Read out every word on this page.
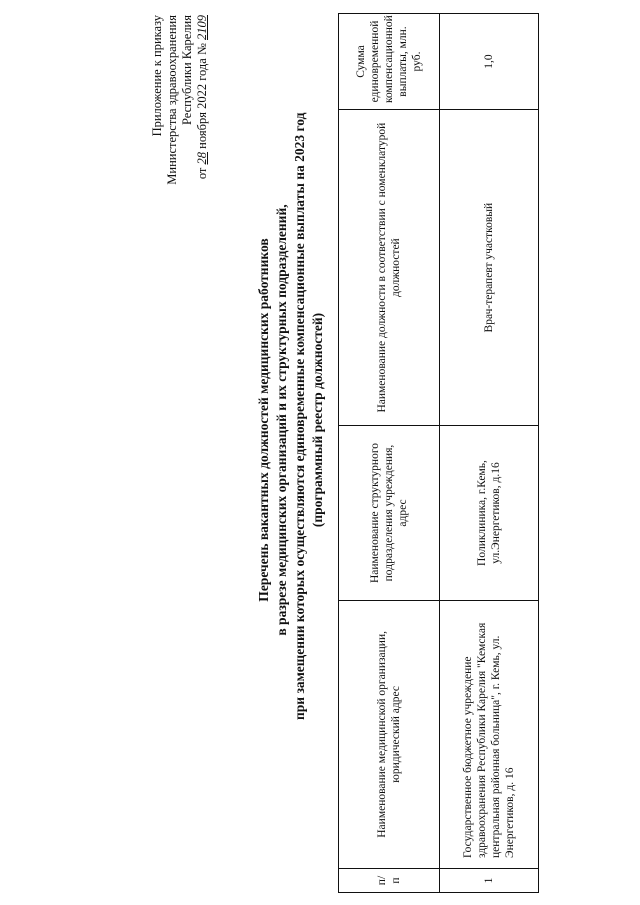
Приложение к приказу Министерства здравоохранения Республики Карелия
от 28 ноября 2022 года № 2109
Перечень вакантных должностей медицинских работников в разрезе медицинских организаций и их структурных подразделений, при замещении которых осуществляются единовременные компенсационные выплаты на 2023 год (программный реестр должностей)
п/п	Наименование медицинской организации, юридический адрес	Наименование структурного подразделения учреждения, адрес	Наименование должности в соответствии с номенклатурой должностей	Сумма единовременной компенсационной выплаты, млн. руб.
1	Государственное бюджетное учреждение здравоохранения Республики Карелия "Кемская центральная районная больница", г. Кемь, ул. Энергетиков, д. 16	Поликлиника, г.Кемь, ул.Энергетиков, д.16	Врач-терапевт участковый	1,0
